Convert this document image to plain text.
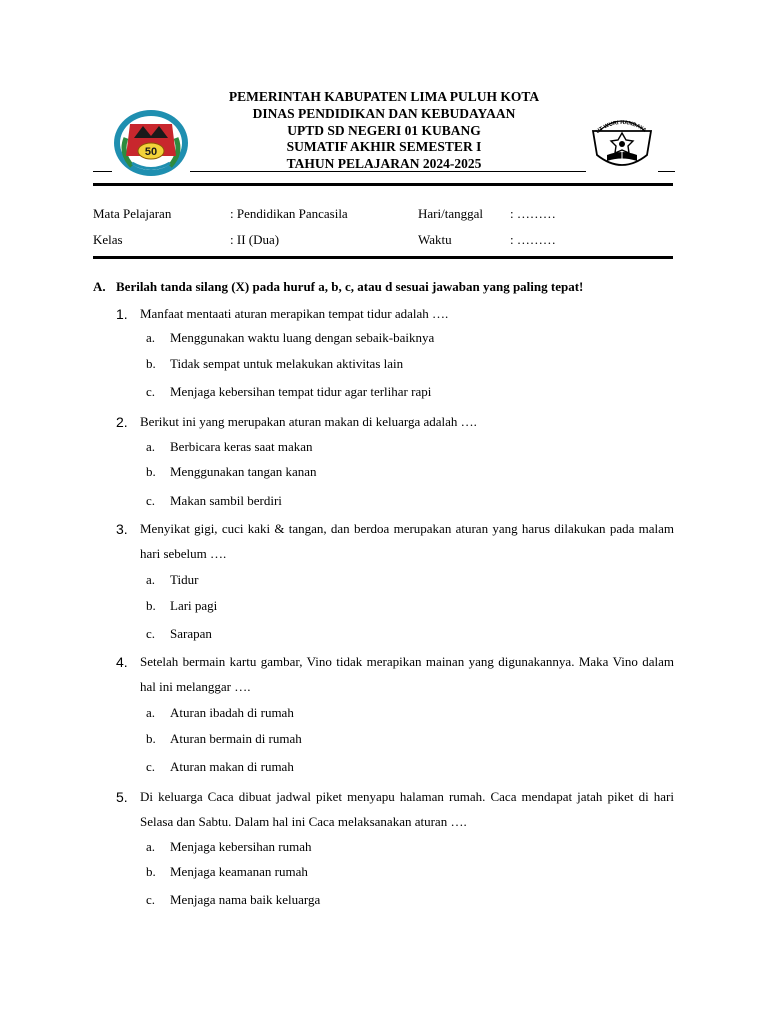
PEMERINTAH KABUPATEN LIMA PULUH KOTA
DINAS PENDIDIKAN DAN KEBUDAYAAN
UPTD SD NEGERI 01 KUBANG
SUMATIF AKHIR SEMESTER I
TAHUN PELAJARAN 2024-2025
50
UT WURI HANDAYA
Mata Pelajaran	: Pendidikan Pancasila	Hari/tanggal : ………
Kelas	: II (Dua)	Waktu	: ………
A. Berilah tanda silang (X) pada huruf a, b, c, atau d sesuai jawaban yang paling tepat!
1. Manfaat mentaati aturan merapikan tempat tidur adalah ….
a. Menggunakan waktu luang dengan sebaik-baiknya
b. Tidak sempat untuk melakukan aktivitas lain
c. Menjaga kebersihan tempat tidur agar terlihar rapi
2. Berikut ini yang merupakan aturan makan di keluarga adalah ….
a. Berbicara keras saat makan
b. Menggunakan tangan kanan
c. Makan sambil berdiri
3. Menyikat gigi, cuci kaki & tangan, dan berdoa merupakan aturan yang harus dilakukan pada malam hari sebelum ….
a. Tidur
b. Lari pagi
c. Sarapan
4. Setelah bermain kartu gambar, Vino tidak merapikan mainan yang digunakannya. Maka Vino dalam hal ini melanggar ….
a. Aturan ibadah di rumah
b. Aturan bermain di rumah
c. Aturan makan di rumah
5. Di keluarga Caca dibuat jadwal piket menyapu halaman rumah. Caca mendapat jatah piket di hari Selasa dan Sabtu. Dalam hal ini Caca melaksanakan aturan ….
a. Menjaga kebersihan rumah
b. Menjaga keamanan rumah
c. Menjaga nama baik keluarga
